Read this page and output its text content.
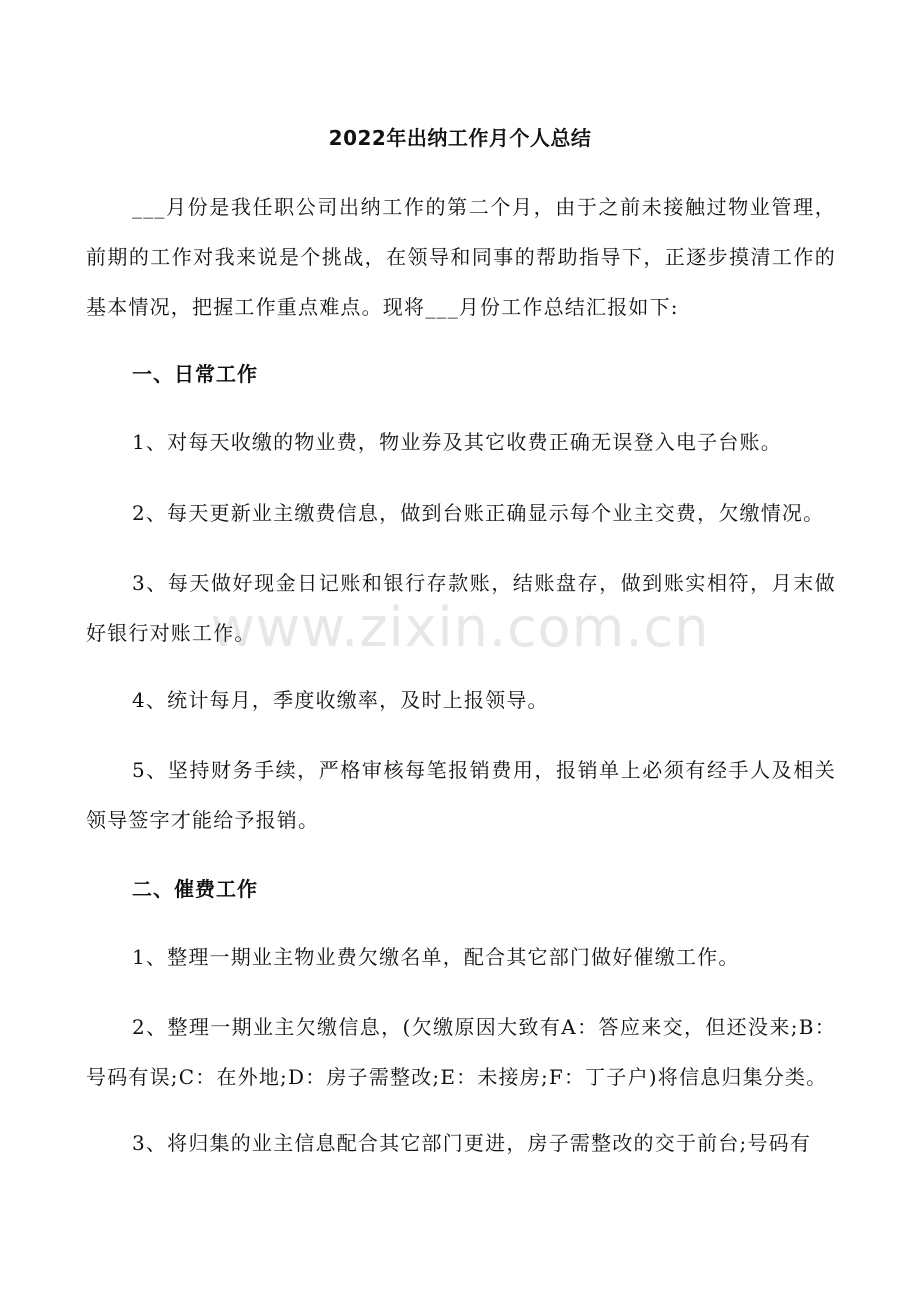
2022年出纳工作月个人总结
___月份是我任职公司出纳工作的第二个月，由于之前未接触过物业管理，前期的工作对我来说是个挑战，在领导和同事的帮助指导下，正逐步摸清工作的基本情况，把握工作重点难点。现将___月份工作总结汇报如下:
一、日常工作
1、对每天收缴的物业费，物业券及其它收费正确无误登入电子台账。
2、每天更新业主缴费信息，做到台账正确显示每个业主交费，欠缴情况。
3、每天做好现金日记账和银行存款账，结账盘存，做到账实相符，月末做好银行对账工作。
4、统计每月，季度收缴率，及时上报领导。
5、坚持财务手续，严格审核每笔报销费用，报销单上必须有经手人及相关领导签字才能给予报销。
二、催费工作
1、整理一期业主物业费欠缴名单，配合其它部门做好催缴工作。
2、整理一期业主欠缴信息，(欠缴原因大致有A：答应来交，但还没来;B：号码有误;C：在外地;D：房子需整改;E：未接房;F：丁子户)将信息归集分类。
3、将归集的业主信息配合其它部门更进，房子需整改的交于前台;号码有
www.zixin.com.cn
